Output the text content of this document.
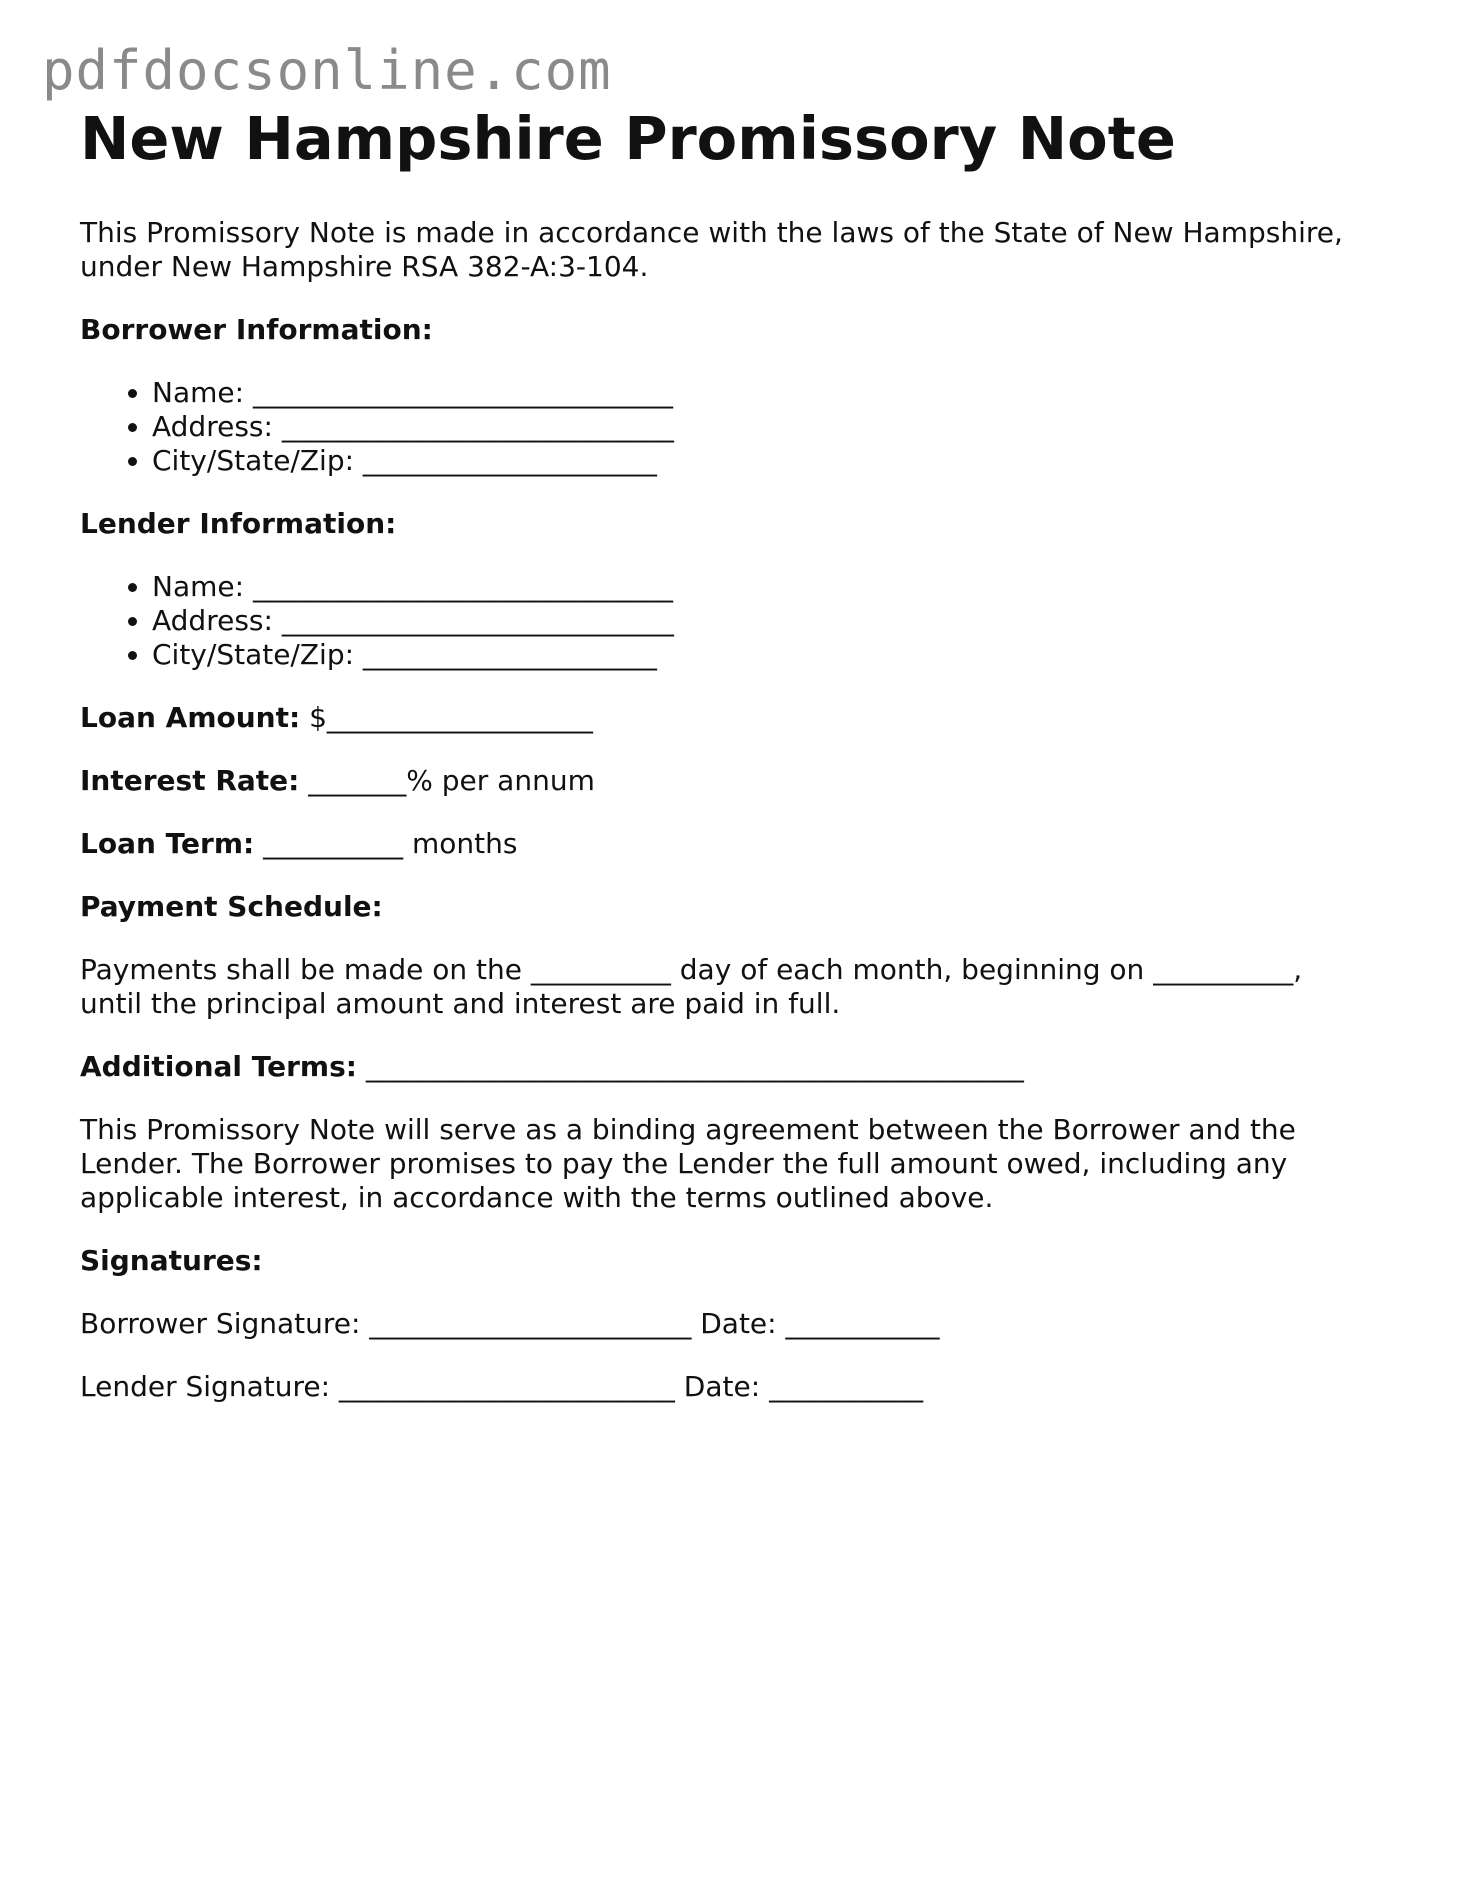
pdfdocsonline.com
New Hampshire Promissory Note

This Promissory Note is made in accordance with the laws of the State of New Hampshire,
under New Hampshire RSA 382-A:3-104.

Borrower Information:

• Name: ______________________________
• Address: ____________________________
• City/State/Zip: _____________________

Lender Information:

• Name: ______________________________
• Address: ____________________________
• City/State/Zip: _____________________

Loan Amount: $___________________

Interest Rate: _______% per annum

Loan Term: __________ months

Payment Schedule:

Payments shall be made on the __________ day of each month, beginning on __________,
until the principal amount and interest are paid in full.

Additional Terms: _______________________________________________

This Promissory Note will serve as a binding agreement between the Borrower and the
Lender. The Borrower promises to pay the Lender the full amount owed, including any
applicable interest, in accordance with the terms outlined above.

Signatures:

Borrower Signature: _______________________ Date: ___________

Lender Signature: ________________________ Date: ___________
